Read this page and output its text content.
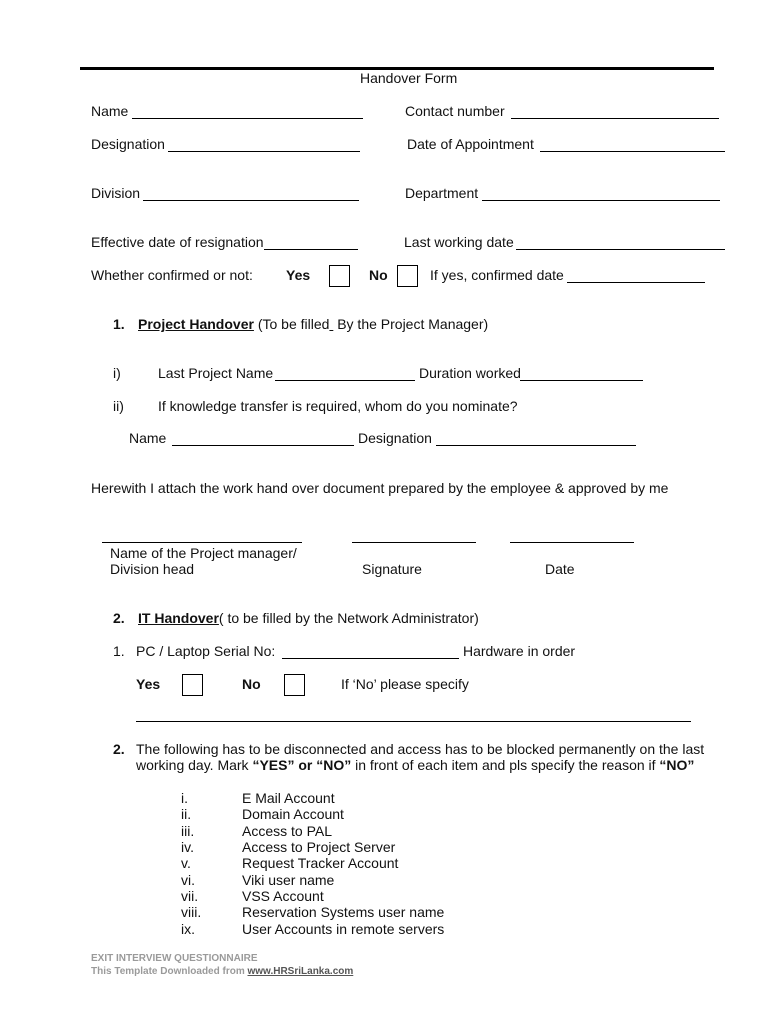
Handover Form
Name	Contact number
Designation	Date of Appointment
Division	Department
Effective date of resignation	Last working date
Whether confirmed or not: Yes	No	If yes, confirmed date
1. Project Handover (To be filled By the Project Manager)
i)	Last Project Name	Duration worked
ii) If knowledge transfer is required, whom do you nominate?
Name	Designation
Herewith I attach the work hand over document prepared by the employee & approved by me
Name of the Project manager/
Division head	Signature	Date
2. IT Handover( to be filled by the Network Administrator)
1. PC / Laptop Serial No:	Hardware in order
Yes	No	If ‘No’ please specify
2. The following has to be disconnected and access has to be blocked permanently on the last
working day. Mark “YES” or “NO” in front of each item and pls specify the reason if “NO”
i.	E Mail Account
ii.	Domain Account
iii.	Access to PAL
iv.	Access to Project Server
v.	Request Tracker Account
vi.	Viki user name
vii.	VSS Account
viii.	Reservation Systems user name
ix.	User Accounts in remote servers
EXIT INTERVIEW QUESTIONNAIRE
This Template Downloaded from www.HRSriLanka.com
